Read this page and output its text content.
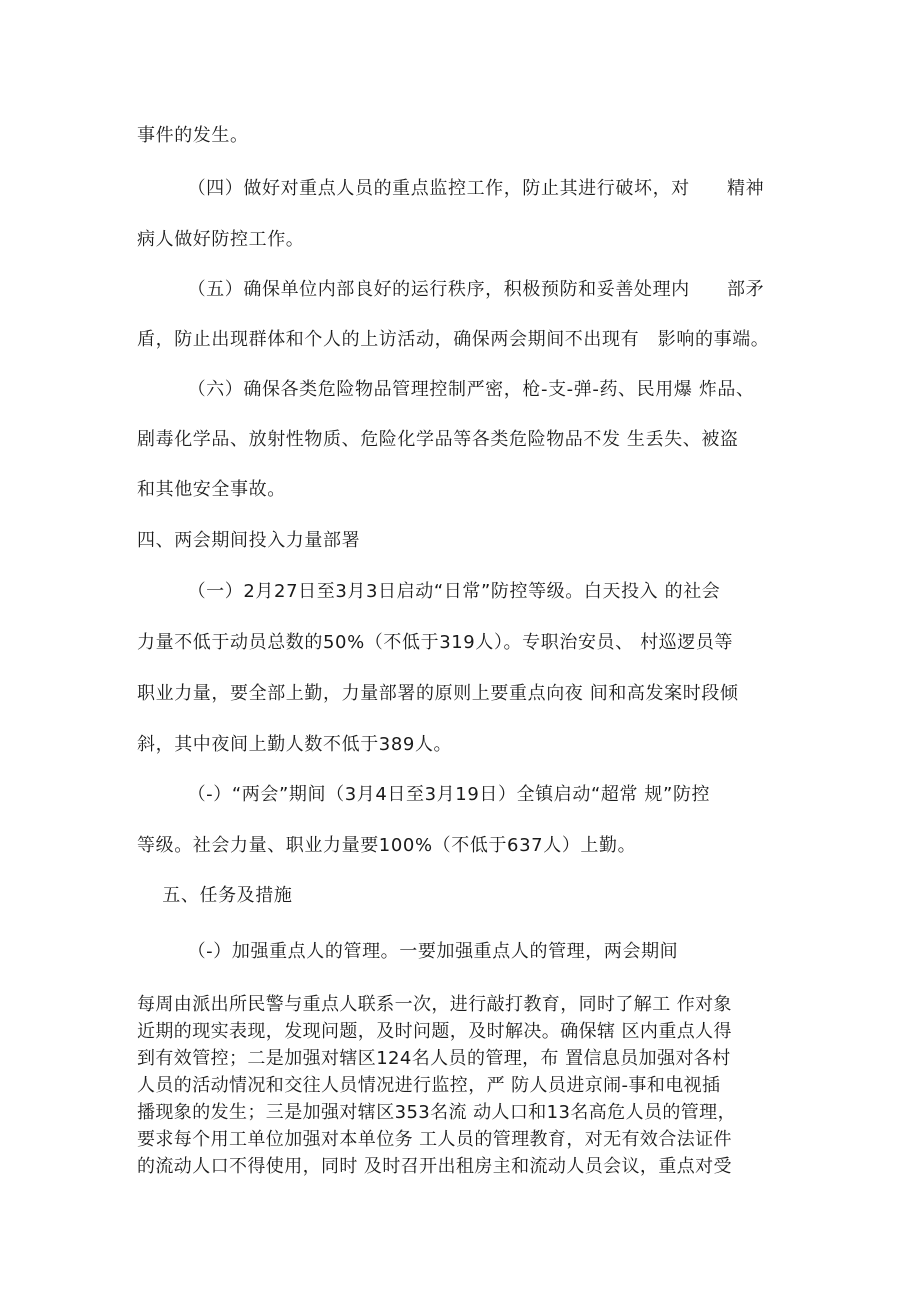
事件的发生。
（四）做好对重点人员的重点监控工作，防止其进行破坏，对　　精神
病人做好防控工作。
（五）确保单位内部良好的运行秩序，积极预防和妥善处理内　　部矛
盾，防止出现群体和个人的上访活动，确保两会期间不出现有　影响的事端。
（六）确保各类危险物品管理控制严密，枪-支-弹-药、民用爆 炸品、
剧毒化学品、放射性物质、危险化学品等各类危险物品不发 生丢失、被盗
和其他安全事故。
四、两会期间投入力量部署
（一）2月27日至3月3日启动“日常”防控等级。白天投入 的社会
力量不低于动员总数的50%（不低于319人）。专职治安员、 村巡逻员等
职业力量，要全部上勤，力量部署的原则上要重点向夜 间和高发案时段倾
斜，其中夜间上勤人数不低于389人。
（-）“两会”期间（3月4日至3月19日）全镇启动“超常 规”防控
等级。社会力量、职业力量要100%（不低于637人）上勤。
五、任务及措施
（-）加强重点人的管理。一要加强重点人的管理，两会期间
每周由派出所民警与重点人联系一次，进行敲打教育，同时了解工 作对象
近期的现实表现，发现问题，及时问题，及时解决。确保辖 区内重点人得
到有效管控；二是加强对辖区124名人员的管理，布 置信息员加强对各村
人员的活动情况和交往人员情况进行监控，严 防人员进京闹-事和电视插
播现象的发生；三是加强对辖区353名流 动人口和13名高危人员的管理，
要求每个用工单位加强对本单位务 工人员的管理教育，对无有效合法证件
的流动人口不得使用，同时 及时召开出租房主和流动人员会议，重点对受
